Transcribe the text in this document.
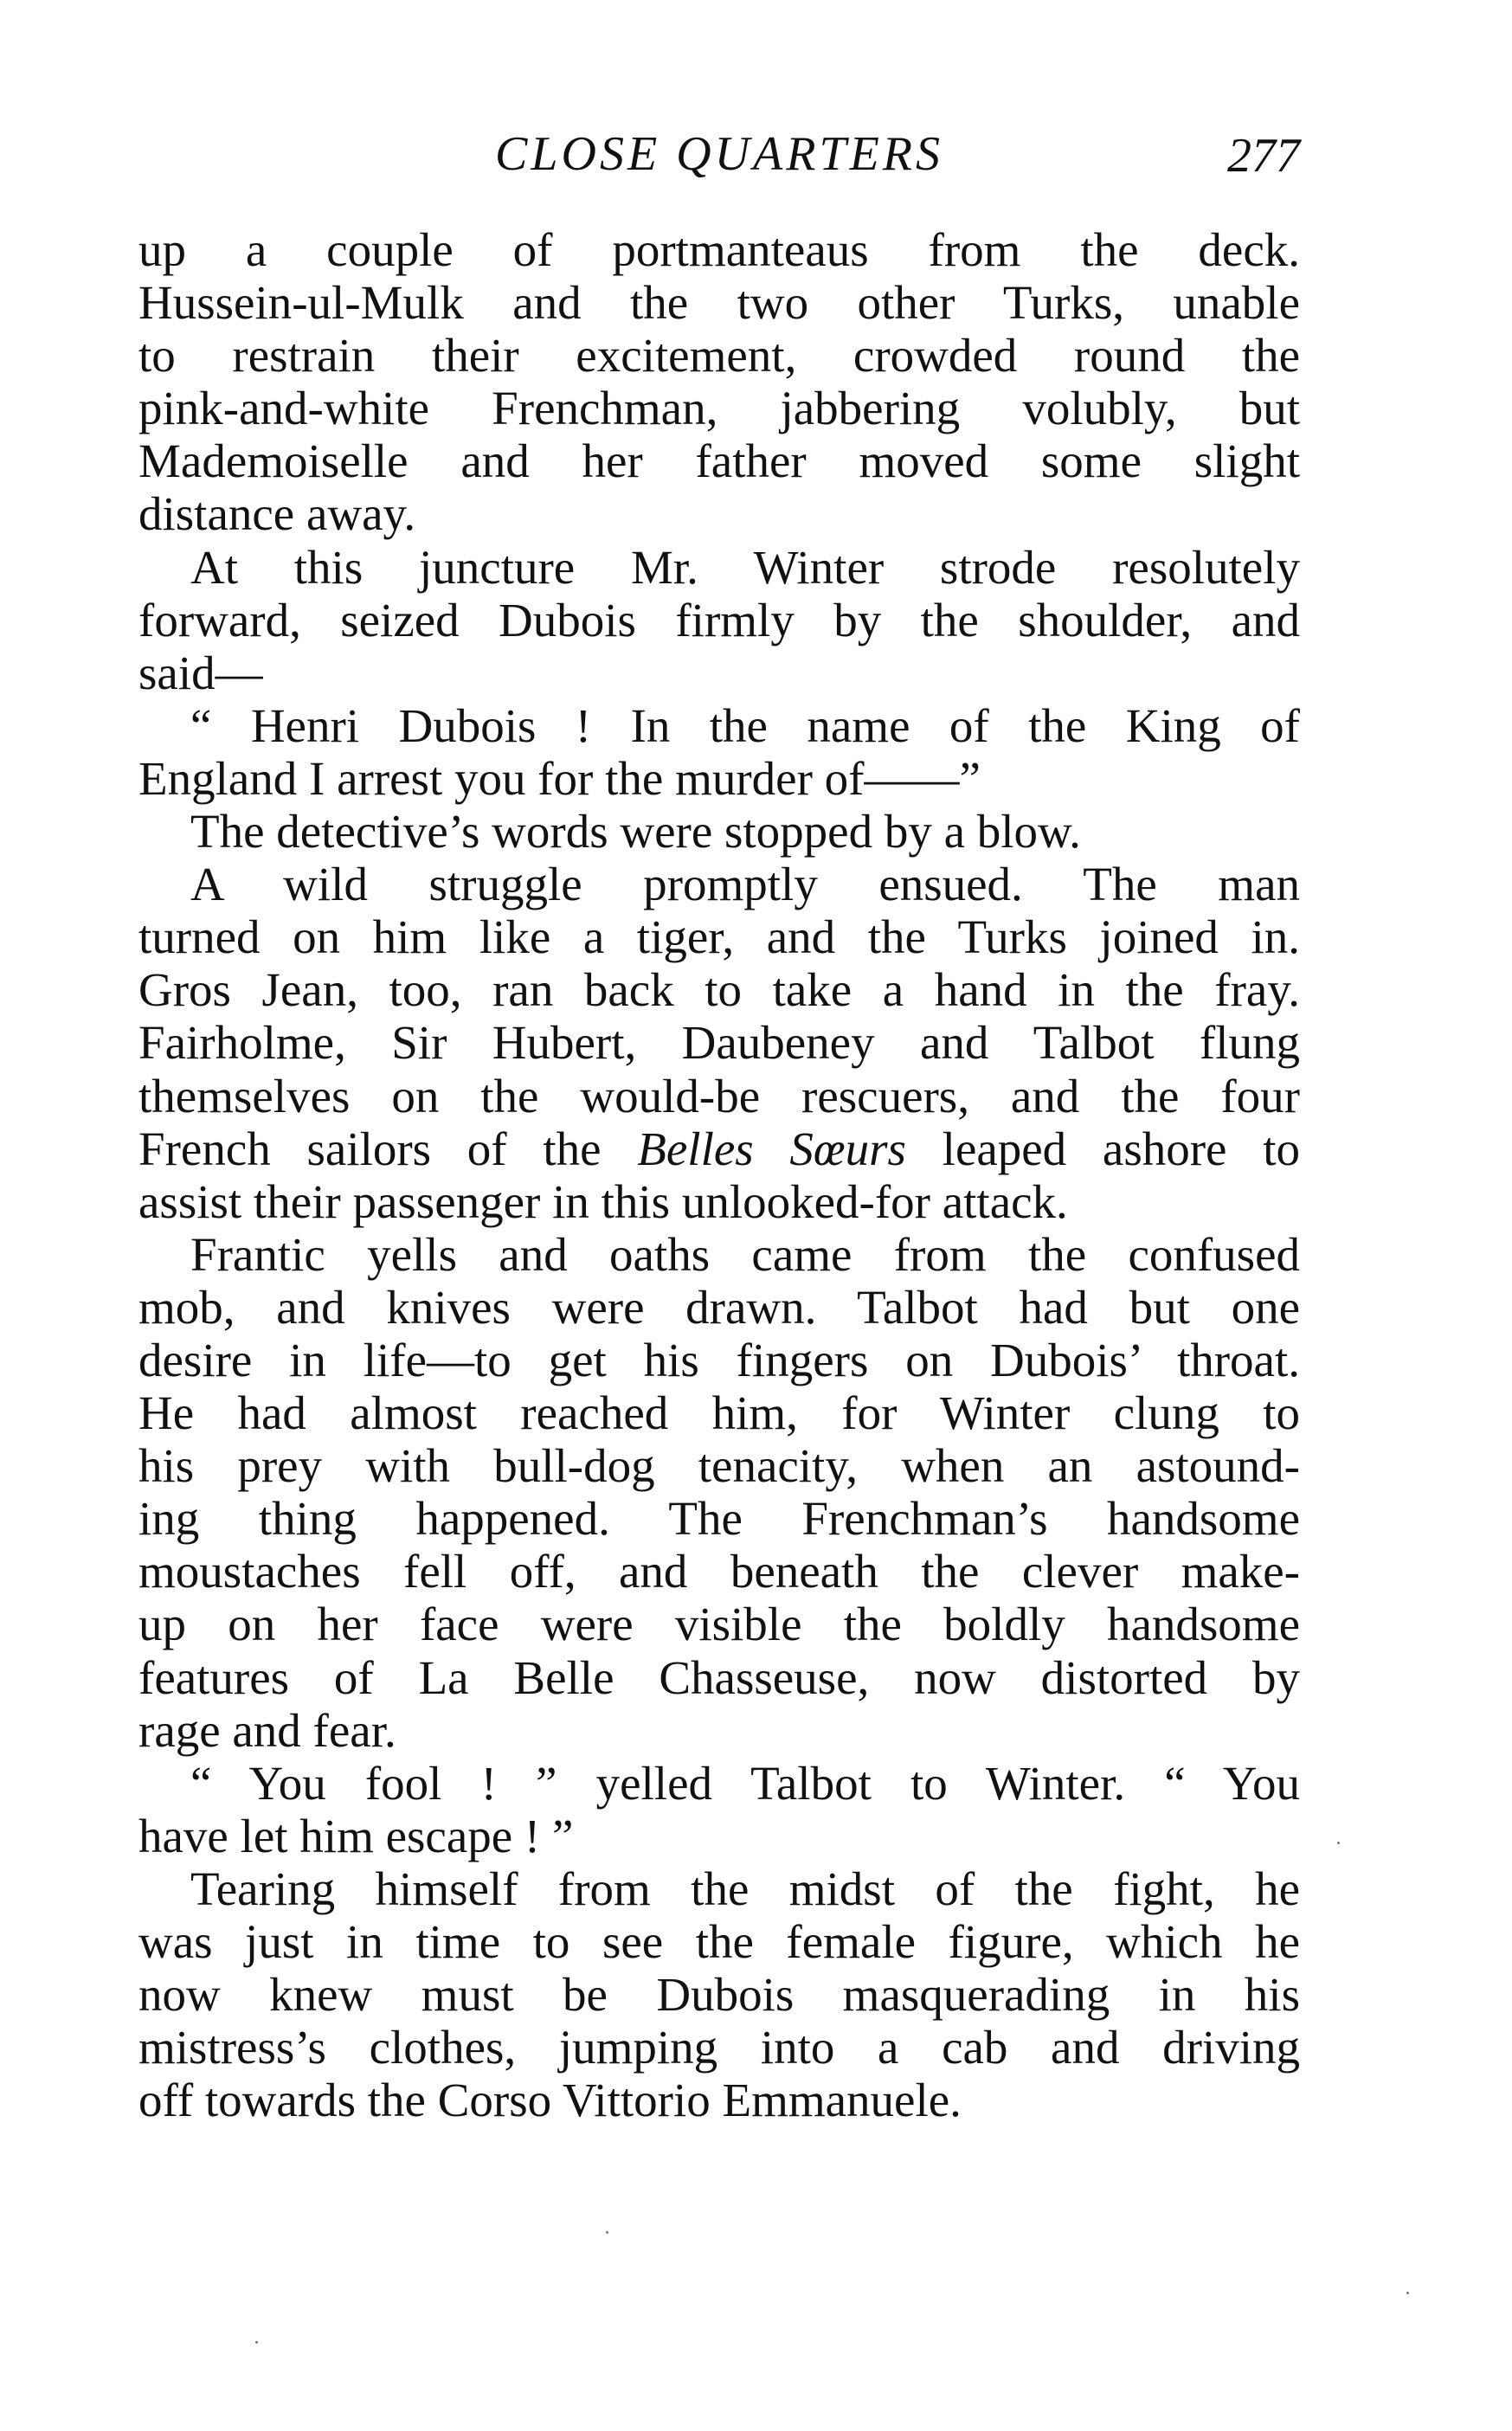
CLOSE QUARTERS	277
up a couple of portmanteaus from the deck.
Hussein-ul-Mulk and the two other Turks, unable
to restrain their excitement, crowded round the
pink-and-white Frenchman, jabbering volubly, but
Mademoiselle and her father moved some slight
distance away.
At this juncture Mr. Winter strode resolutely
forward, seized Dubois firmly by the shoulder, and
said—
“ Henri Dubois ! In the name of the King of
England I arrest you for the murder of——”
The detective’s words were stopped by a blow.
A wild struggle promptly ensued. The man
turned on him like a tiger, and the Turks joined in.
Gros Jean, too, ran back to take a hand in the fray.
Fairholme, Sir Hubert, Daubeney and Talbot flung
themselves on the would-be rescuers, and the four
French sailors of the Belles Sœurs leaped ashore to
assist their passenger in this unlooked-for attack.
Frantic yells and oaths came from the confused
mob, and knives were drawn. Talbot had but one
desire in life—to get his fingers on Dubois’ throat.
He had almost reached him, for Winter clung to
his prey with bull-dog tenacity, when an astound-
ing thing happened. The Frenchman’s handsome
moustaches fell off, and beneath the clever make-
up on her face were visible the boldly handsome
features of La Belle Chasseuse, now distorted by
rage and fear.
“ You fool ! ” yelled Talbot to Winter. “ You
have let him escape ! ”
Tearing himself from the midst of the fight, he
was just in time to see the female figure, which he
now knew must be Dubois masquerading in his
mistress’s clothes, jumping into a cab and driving
off towards the Corso Vittorio Emmanuele.
